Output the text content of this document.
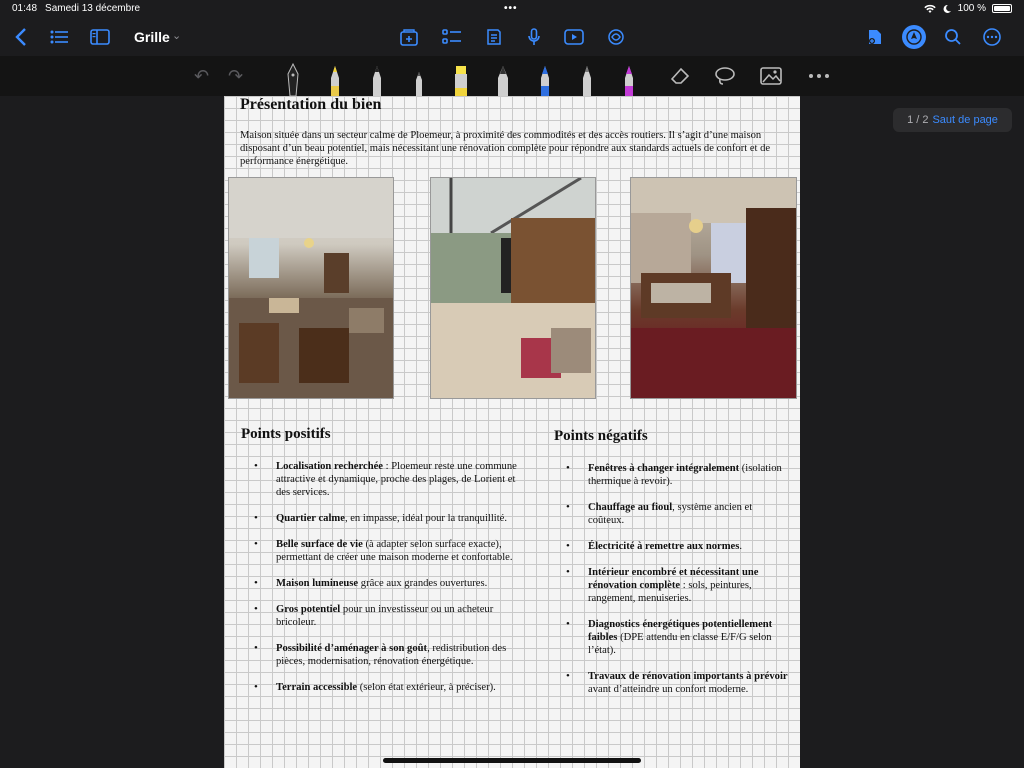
01:48 Samedi 13 décembre	•••	100 %
Grille ⌄
↶ ↷
1 / 2 Saut de page
Présentation du bien
Maison située dans un secteur calme de Ploemeur, à proximité des commodités et des accès routiers. Il s’agit d’une maison disposant d’un beau potentiel, mais nécessitant une rénovation complète pour répondre aux standards actuels de confort et de performance énergétique.
Points positifs
• Localisation recherchée : Ploemeur reste une commune attractive et dynamique, proche des plages, de Lorient et des services.
• Quartier calme, en impasse, idéal pour la tranquillité.
• Belle surface de vie (à adapter selon surface exacte), permettant de créer une maison moderne et confortable.
• Maison lumineuse grâce aux grandes ouvertures.
• Gros potentiel pour un investisseur ou un acheteur bricoleur.
• Possibilité d’aménager à son goût, redistribution des pièces, modernisation, rénovation énergétique.
• Terrain accessible (selon état extérieur, à préciser).
Points négatifs
• Fenêtres à changer intégralement (isolation thermique à revoir).
• Chauffage au fioul, système ancien et coûteux.
• Électricité à remettre aux normes.
• Intérieur encombré et nécessitant une rénovation complète : sols, peintures, rangement, menuiseries.
• Diagnostics énergétiques potentiellement faibles (DPE attendu en classe E/F/G selon l’état).
• Travaux de rénovation importants à prévoir avant d’atteindre un confort moderne.
